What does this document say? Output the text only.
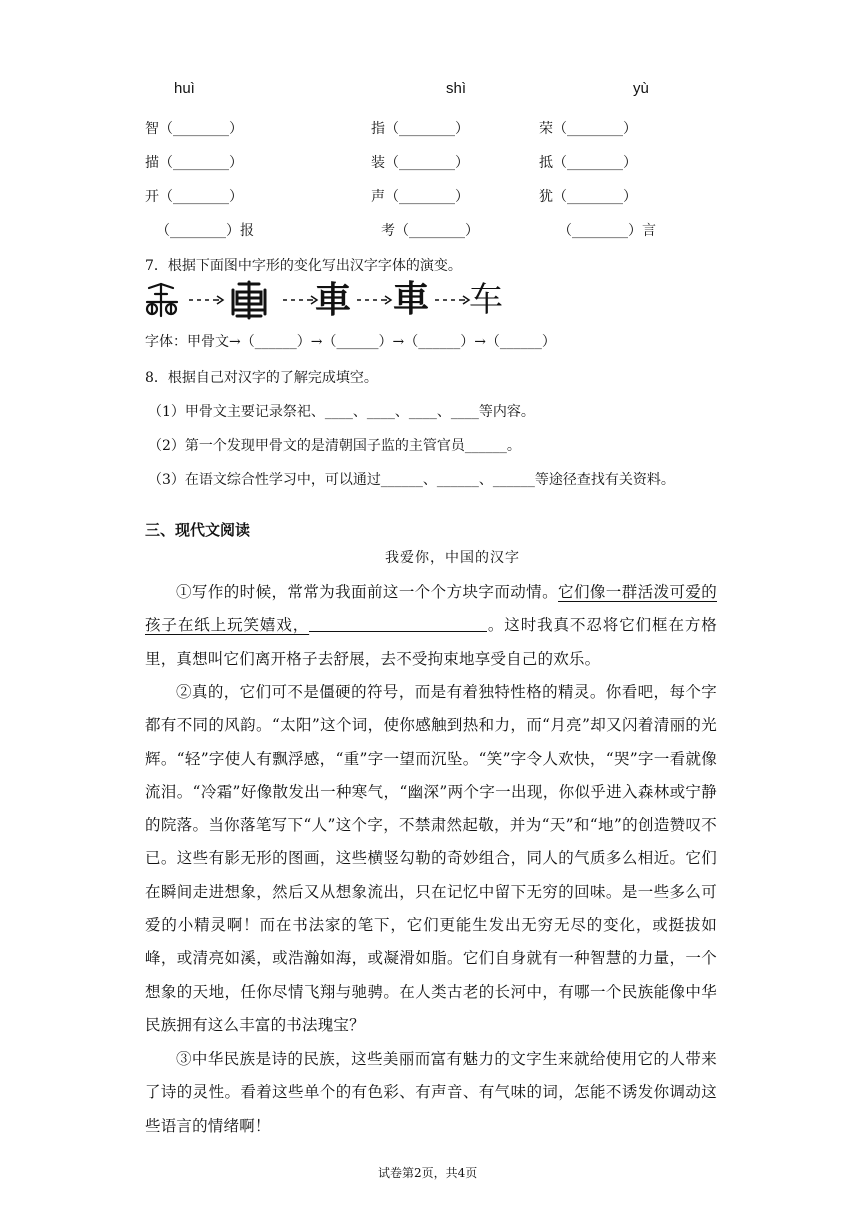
huì	shì	yù
智（________）	指（________）	荣（________）
描（________）	装（________）	抵（________）
开（________）	声（________）	犹（________）
（________）报	考（________）	（________）言
7．根据下面图中字形的变化写出汉字字体的演变。
車 車 车
字体：甲骨文→（______）→（______）→（______）→（______）
8．根据自己对汉字的了解完成填空。
（1）甲骨文主要记录祭祀、____、____、____、____等内容。
（2）第一个发现甲骨文的是清朝国子监的主管官员______。
（3）在语文综合性学习中，可以通过______、______、______等途径查找有关资料。
三、现代文阅读
我爱你，中国的汉字
①写作的时候，常常为我面前这一个个方块字而动情。它们像一群活泼可爱的孩子在纸上玩笑嬉戏，	。这时我真不忍将它们框在方格里，真想叫它们离开格子去舒展，去不受拘束地享受自己的欢乐。
②真的，它们可不是僵硬的符号，而是有着独特性格的精灵。你看吧，每个字都有不同的风韵。“太阳”这个词，使你感触到热和力，而“月亮”却又闪着清丽的光辉。“轻”字使人有飘浮感，“重”字一望而沉坠。“笑”字令人欢快，“哭”字一看就像流泪。“冷霜”好像散发出一种寒气，“幽深”两个字一出现，你似乎进入森林或宁静的院落。当你落笔写下“人”这个字，不禁肃然起敬，并为“天”和“地”的创造赞叹不已。这些有影无形的图画，这些横竖勾勒的奇妙组合，同人的气质多么相近。它们在瞬间走进想象，然后又从想象流出，只在记忆中留下无穷的回味。是一些多么可爱的小精灵啊！而在书法家的笔下，它们更能生发出无穷无尽的变化，或挺拔如峰，或清亮如溪，或浩瀚如海，或凝滑如脂。它们自身就有一种智慧的力量，一个想象的天地，任你尽情飞翔与驰骋。在人类古老的长河中，有哪一个民族能像中华民族拥有这么丰富的书法瑰宝？
③中华民族是诗的民族，这些美丽而富有魅力的文字生来就给使用它的人带来了诗的灵性。看着这些单个的有色彩、有声音、有气味的词，怎能不诱发你调动这些语言的情绪啊！
试卷第2页，共4页
